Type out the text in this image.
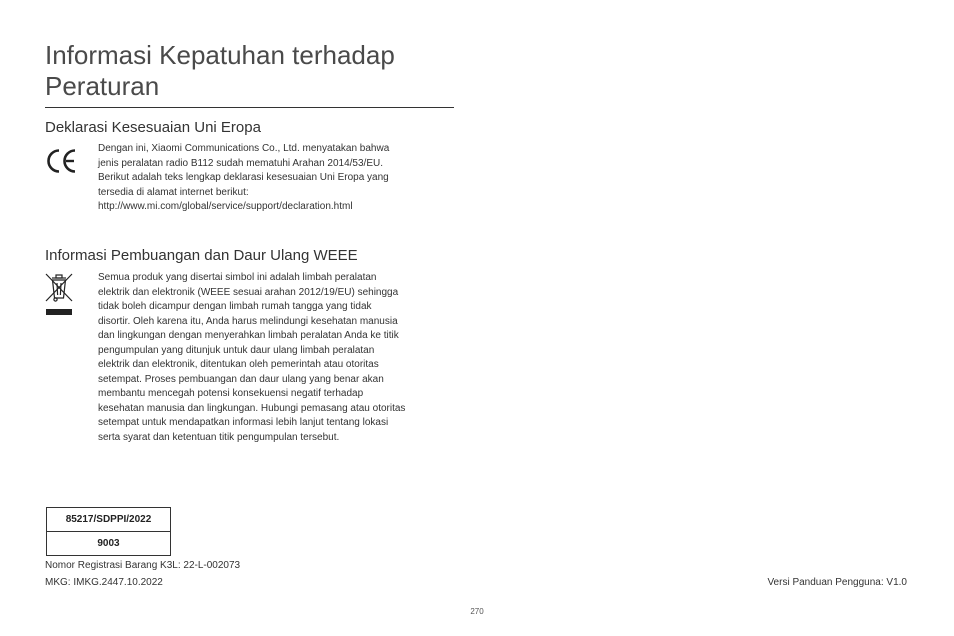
Informasi Kepatuhan terhadap Peraturan
Deklarasi Kesesuaian Uni Eropa
Dengan ini, Xiaomi Communications Co., Ltd. menyatakan bahwa
jenis peralatan radio B112 sudah mematuhi Arahan 2014/53/EU.
Berikut adalah teks lengkap deklarasi kesesuaian Uni Eropa yang
tersedia di alamat internet berikut:
http://www.mi.com/global/service/support/declaration.html
Informasi Pembuangan dan Daur Ulang WEEE
Semua produk yang disertai simbol ini adalah limbah peralatan
elektrik dan elektronik (WEEE sesuai arahan 2012/19/EU) sehingga
tidak boleh dicampur dengan limbah rumah tangga yang tidak
disortir. Oleh karena itu, Anda harus melindungi kesehatan manusia
dan lingkungan dengan menyerahkan limbah peralatan Anda ke titik
pengumpulan yang ditunjuk untuk daur ulang limbah peralatan
elektrik dan elektronik, ditentukan oleh pemerintah atau otoritas
setempat. Proses pembuangan dan daur ulang yang benar akan
membantu mencegah potensi konsekuensi negatif terhadap
kesehatan manusia dan lingkungan. Hubungi pemasang atau otoritas
setempat untuk mendapatkan informasi lebih lanjut tentang lokasi
serta syarat dan ketentuan titik pengumpulan tersebut.
85217/SDPPI/2022
9003
Nomor Registrasi Barang K3L: 22-L-002073
MKG: IMKG.2447.10.2022	Versi Panduan Pengguna: V1.0
270
